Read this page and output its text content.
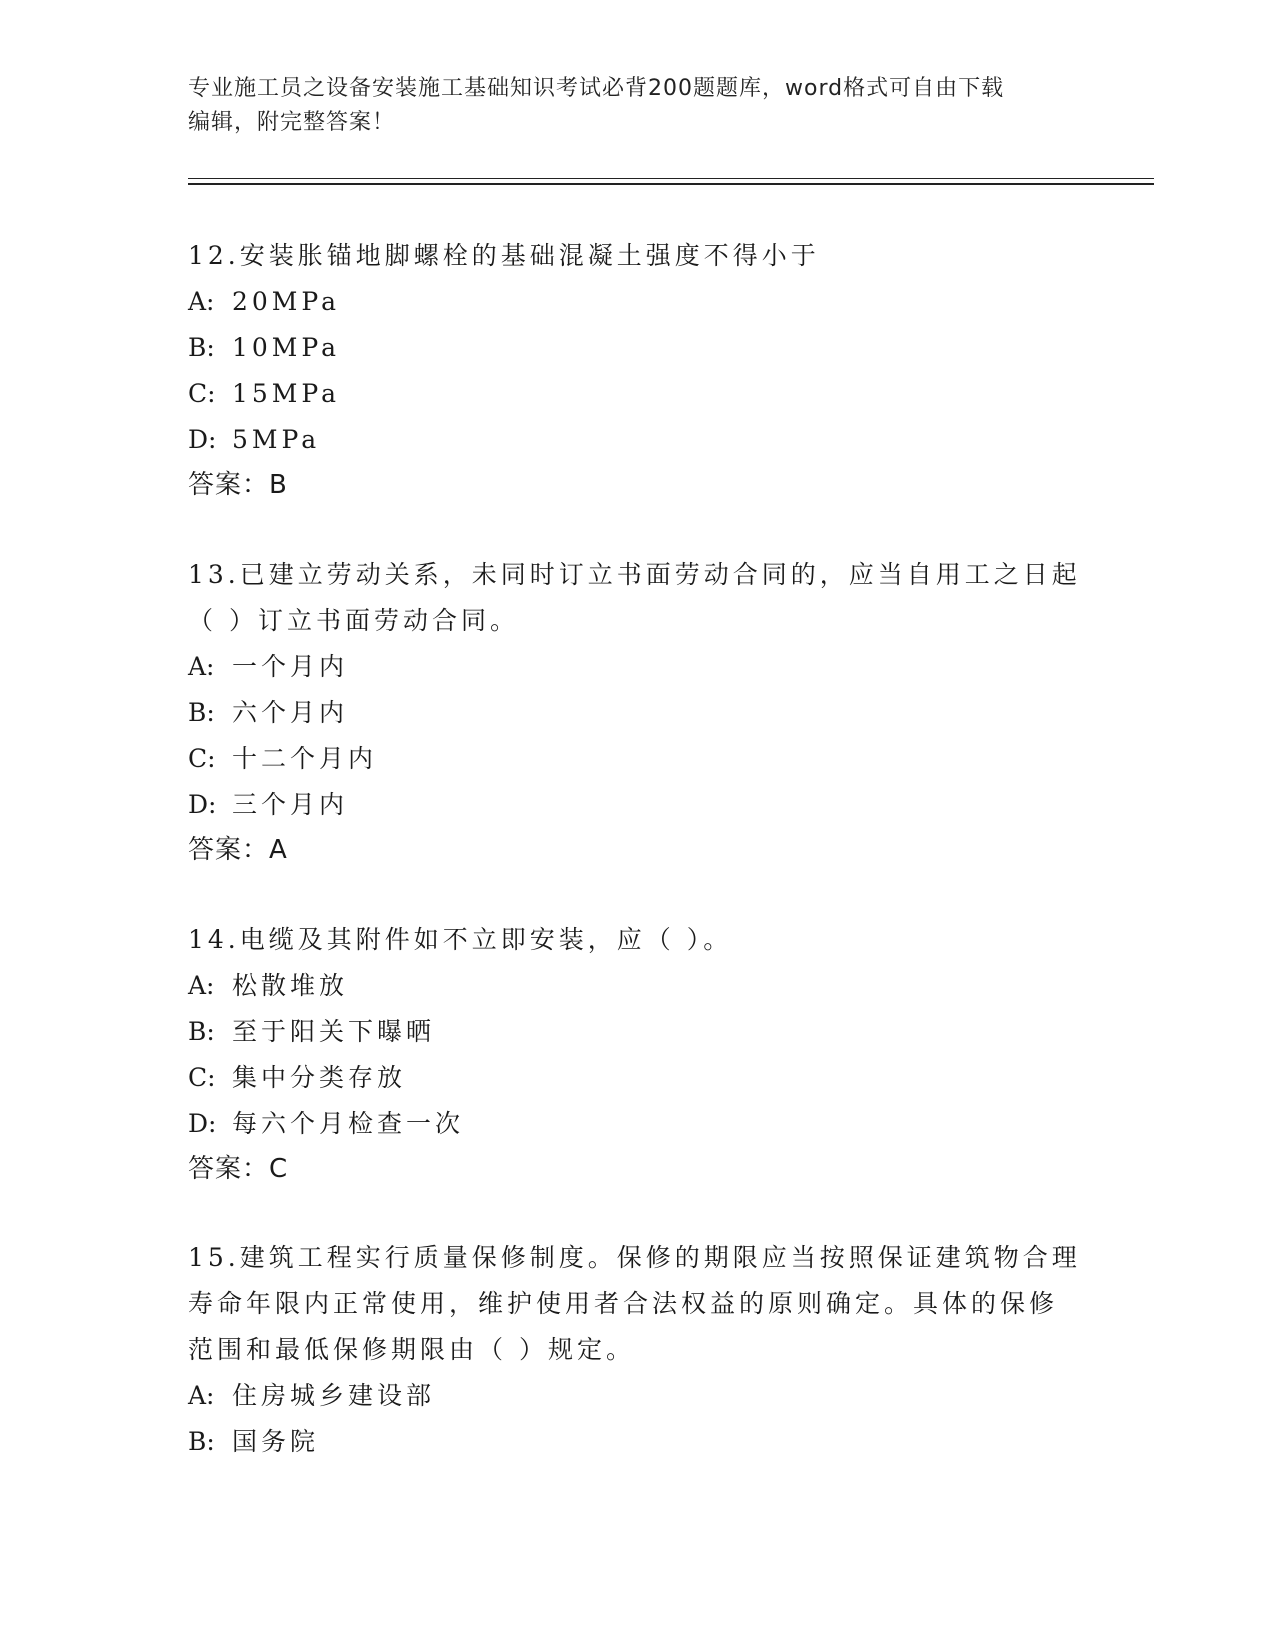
专业施工员之设备安装施工基础知识考试必背200题题库，word格式可自由下载
编辑，附完整答案！
12.安装胀锚地脚螺栓的基础混凝土强度不得小于
A: 20MPa
B: 10MPa
C: 15MPa
D: 5MPa
答案：B
13.已建立劳动关系，未同时订立书面劳动合同的，应当自用工之日起
（ ）订立书面劳动合同。
A: 一个月内
B: 六个月内
C: 十二个月内
D: 三个月内
答案：A
14.电缆及其附件如不立即安装，应（ ）。
A: 松散堆放
B: 至于阳关下曝晒
C: 集中分类存放
D: 每六个月检查一次
答案：C
15.建筑工程实行质量保修制度。保修的期限应当按照保证建筑物合理
寿命年限内正常使用，维护使用者合法权益的原则确定。具体的保修
范围和最低保修期限由（ ）规定。
A: 住房城乡建设部
B: 国务院
